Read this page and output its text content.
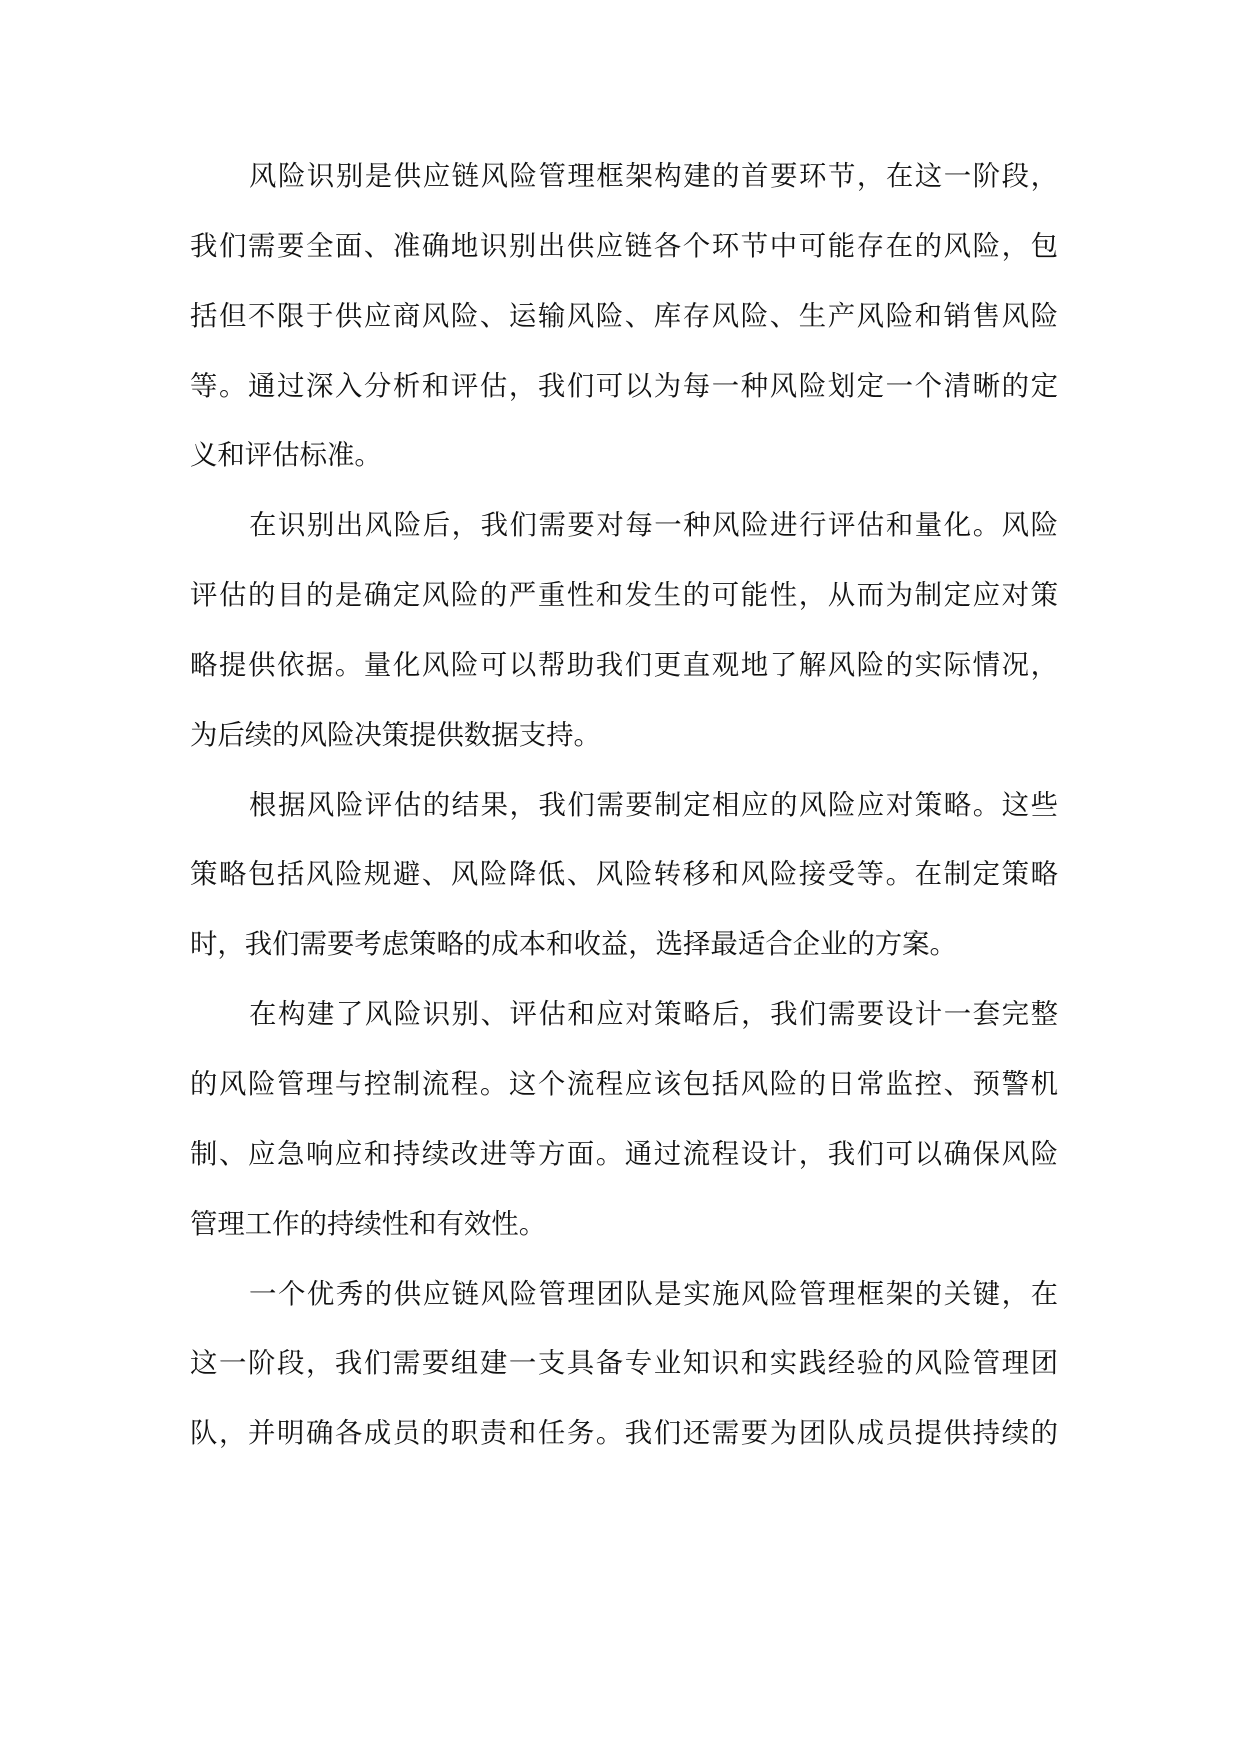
风险识别是供应链风险管理框架构建的首要环节，在这一阶段，
我们需要全面、准确地识别出供应链各个环节中可能存在的风险，包
括但不限于供应商风险、运输风险、库存风险、生产风险和销售风险
等。通过深入分析和评估，我们可以为每一种风险划定一个清晰的定
义和评估标准。
在识别出风险后，我们需要对每一种风险进行评估和量化。风险
评估的目的是确定风险的严重性和发生的可能性，从而为制定应对策
略提供依据。量化风险可以帮助我们更直观地了解风险的实际情况，
为后续的风险决策提供数据支持。
根据风险评估的结果，我们需要制定相应的风险应对策略。这些
策略包括风险规避、风险降低、风险转移和风险接受等。在制定策略
时，我们需要考虑策略的成本和收益，选择最适合企业的方案。
在构建了风险识别、评估和应对策略后，我们需要设计一套完整
的风险管理与控制流程。这个流程应该包括风险的日常监控、预警机
制、应急响应和持续改进等方面。通过流程设计，我们可以确保风险
管理工作的持续性和有效性。
一个优秀的供应链风险管理团队是实施风险管理框架的关键，在
这一阶段，我们需要组建一支具备专业知识和实践经验的风险管理团
队，并明确各成员的职责和任务。我们还需要为团队成员提供持续的
